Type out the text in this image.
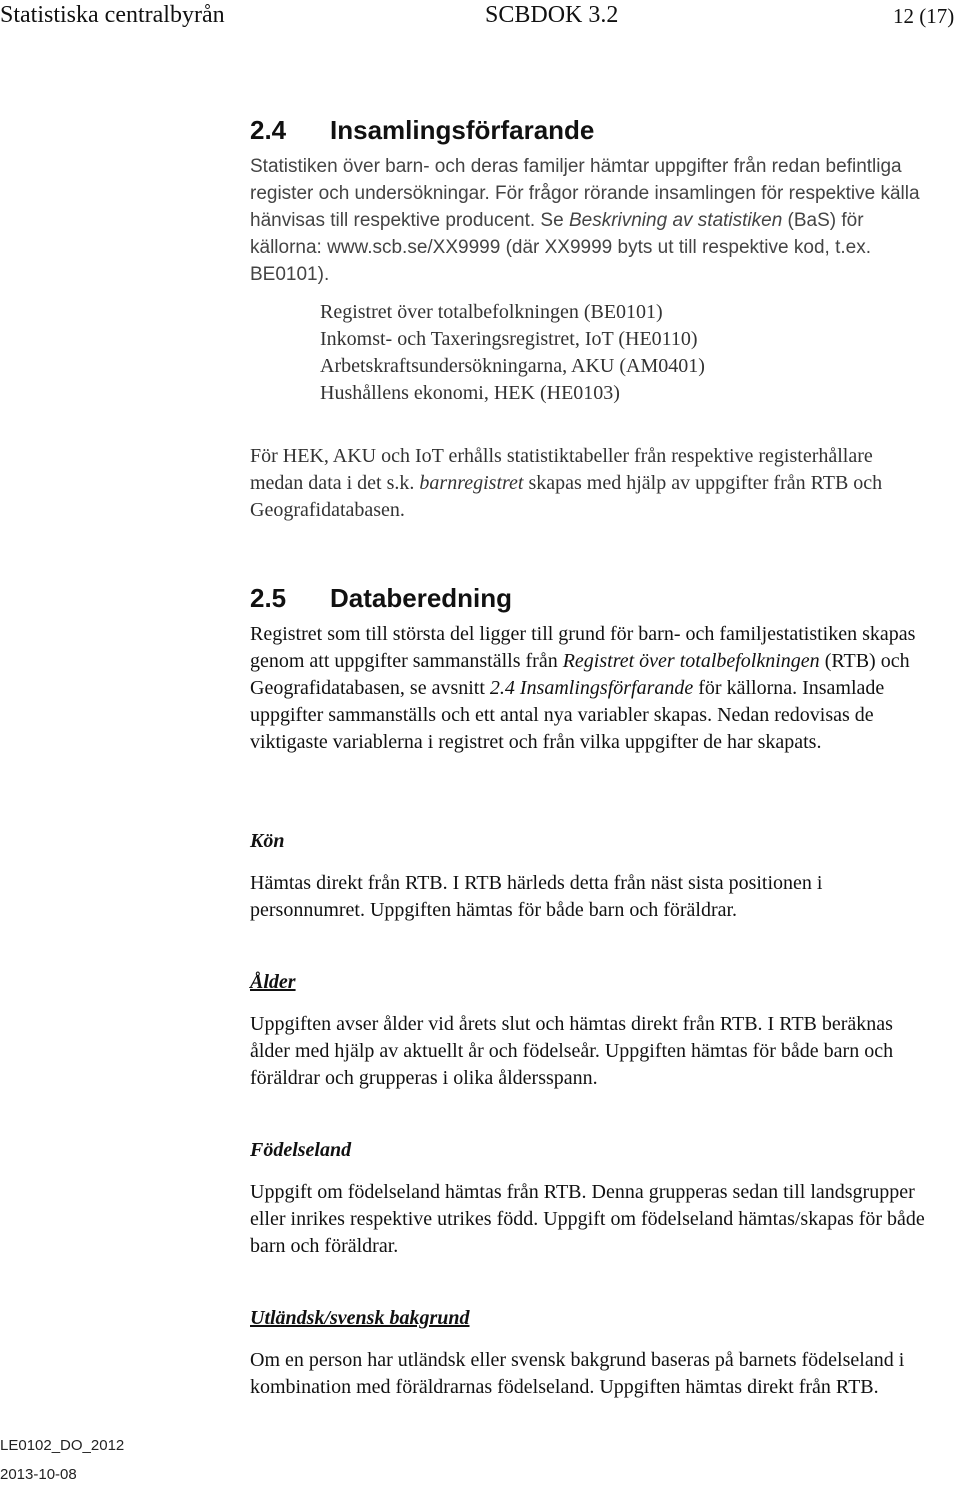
Statistiska centralbyrån	SCBDOK 3.2	12 (17)
2.4 Insamlingsförfarande
Statistiken över barn- och deras familjer hämtar uppgifter från redan befintliga register och undersökningar. För frågor rörande insamlingen för respektive källa hänvisas till respektive producent. Se Beskrivning av statistiken (BaS) för källorna: www.scb.se/XX9999 (där XX9999 byts ut till respektive kod, t.ex. BE0101).
Registret över totalbefolkningen (BE0101)
Inkomst- och Taxeringsregistret, IoT (HE0110)
Arbetskraftsundersökningarna, AKU (AM0401)
Hushållens ekonomi, HEK (HE0103)
För HEK, AKU och IoT erhålls statistiktabeller från respektive registerhållare medan data i det s.k. barnregistret skapas med hjälp av uppgifter från RTB och Geografidatabasen.
2.5 Databeredning
Registret som till största del ligger till grund för barn- och familjestatistiken skapas genom att uppgifter sammanställs från Registret över totalbefolkningen (RTB) och Geografidatabasen, se avsnitt 2.4 Insamlingsförfarande för källorna. Insamlade uppgifter sammanställs och ett antal nya variabler skapas. Nedan redovisas de viktigaste variablerna i registret och från vilka uppgifter de har skapats.
Kön
Hämtas direkt från RTB. I RTB härleds detta från näst sista positionen i personnumret. Uppgiften hämtas för både barn och föräldrar.
Ålder
Uppgiften avser ålder vid årets slut och hämtas direkt från RTB. I RTB beräknas ålder med hjälp av aktuellt år och födelseår. Uppgiften hämtas för både barn och föräldrar och grupperas i olika åldersspann.
Födelseland
Uppgift om födelseland hämtas från RTB. Denna grupperas sedan till landsgrupper eller inrikes respektive utrikes född. Uppgift om födelseland hämtas/skapas för både barn och föräldrar.
Utländsk/svensk bakgrund
Om en person har utländsk eller svensk bakgrund baseras på barnets födelseland i kombination med föräldrarnas födelseland. Uppgiften hämtas direkt från RTB.
LE0102_DO_2012
2013-10-08
